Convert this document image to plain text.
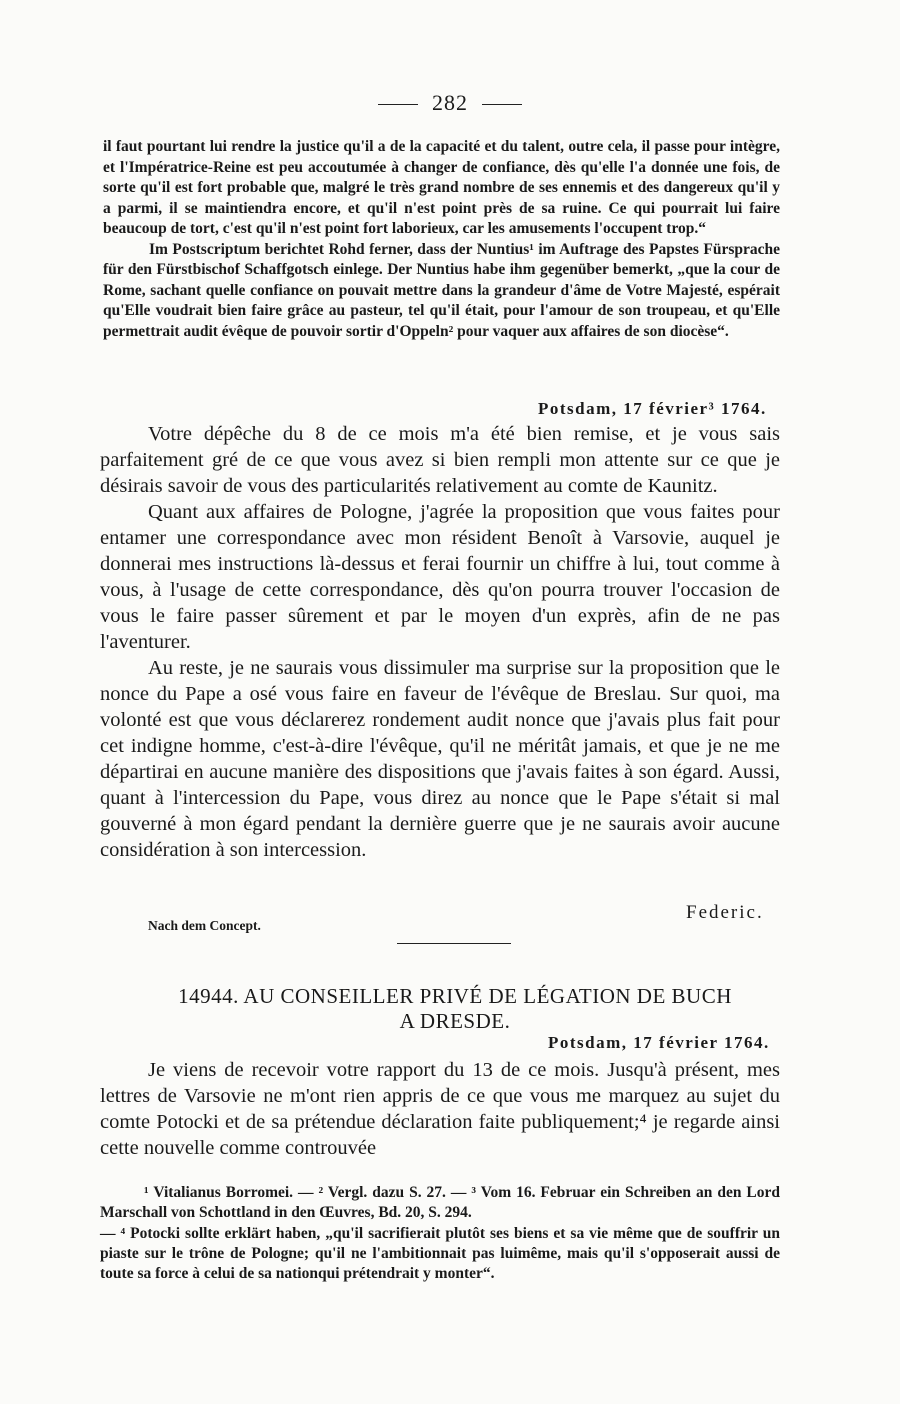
282

il faut pourtant lui rendre la justice qu'il a de la capacité et du talent, outre cela, il passe pour intègre, et l'Impératrice-Reine est peu accoutumée à changer de confiance, dès qu'elle l'a donnée une fois, de sorte qu'il est fort probable que, malgré le très grand nombre de ses ennemis et des dangereux qu'il y a parmi, il se maintiendra encore, et qu'il n'est point près de sa ruine. Ce qui pourrait lui faire beaucoup de tort, c'est qu'il n'est point fort laborieux, car les amusements l'occupent trop.“

Im Postscriptum berichtet Rohd ferner, dass der Nuntius¹ im Auftrage des Papstes Fürsprache für den Fürstbischof Schaffgotsch einlege. Der Nuntius habe ihm gegenüber bemerkt, „que la cour de Rome, sachant quelle confiance on pouvait mettre dans la grandeur d'âme de Votre Majesté, espérait qu'Elle voudrait bien faire grâce au pasteur, tel qu'il était, pour l'amour de son troupeau, et qu'Elle permettrait audit évêque de pouvoir sortir d'Oppeln² pour vaquer aux affaires de son diocèse“.

Potsdam, 17 février³ 1764.

Votre dépêche du 8 de ce mois m'a été bien remise, et je vous sais parfaitement gré de ce que vous avez si bien rempli mon attente sur ce que je désirais savoir de vous des particularités relativement au comte de Kaunitz.

Quant aux affaires de Pologne, j'agrée la proposition que vous faites pour entamer une correspondance avec mon résident Benoît à Varsovie, auquel je donnerai mes instructions là-dessus et ferai fournir un chiffre à lui, tout comme à vous, à l'usage de cette correspondance, dès qu'on pourra trouver l'occasion de vous le faire passer sûrement et par le moyen d'un exprès, afin de ne pas l'aventurer.

Au reste, je ne saurais vous dissimuler ma surprise sur la proposition que le nonce du Pape a osé vous faire en faveur de l'évêque de Breslau. Sur quoi, ma volonté est que vous déclarerez rondement audit nonce que j'avais plus fait pour cet indigne homme, c'est-à-dire l'évêque, qu'il ne méritât jamais, et que je ne me départirai en aucune manière des dispositions que j'avais faites à son égard. Aussi, quant à l'intercession du Pape, vous direz au nonce que le Pape s'était si mal gouverné à mon égard pendant la dernière guerre que je ne saurais avoir aucune considération à son intercession.

Federic.
Nach dem Concept.
14944. AU CONSEILLER PRIVÉ DE LÉGATION DE BUCH
A DRESDE.
Potsdam, 17 février 1764.

Je viens de recevoir votre rapport du 13 de ce mois. Jusqu'à présent, mes lettres de Varsovie ne m'ont rien appris de ce que vous me marquez au sujet du comte Potocki et de sa prétendue déclaration faite publiquement;⁴ je regarde ainsi cette nouvelle comme controuvée

¹ Vitalianus Borromei. — ² Vergl. dazu S. 27. — ³ Vom 16. Februar ein Schreiben an den Lord Marschall von Schottland in den Œuvres, Bd. 20, S. 294.

— ⁴ Potocki sollte erklärt haben, „qu'il sacrifierait plutôt ses biens et sa vie même que de souffrir un piaste sur le trône de Pologne; qu'il ne l'ambitionnait pas luimême, mais qu'il s'opposerait aussi de toute sa force à celui de sa nationqui prétendrait y monter“.
